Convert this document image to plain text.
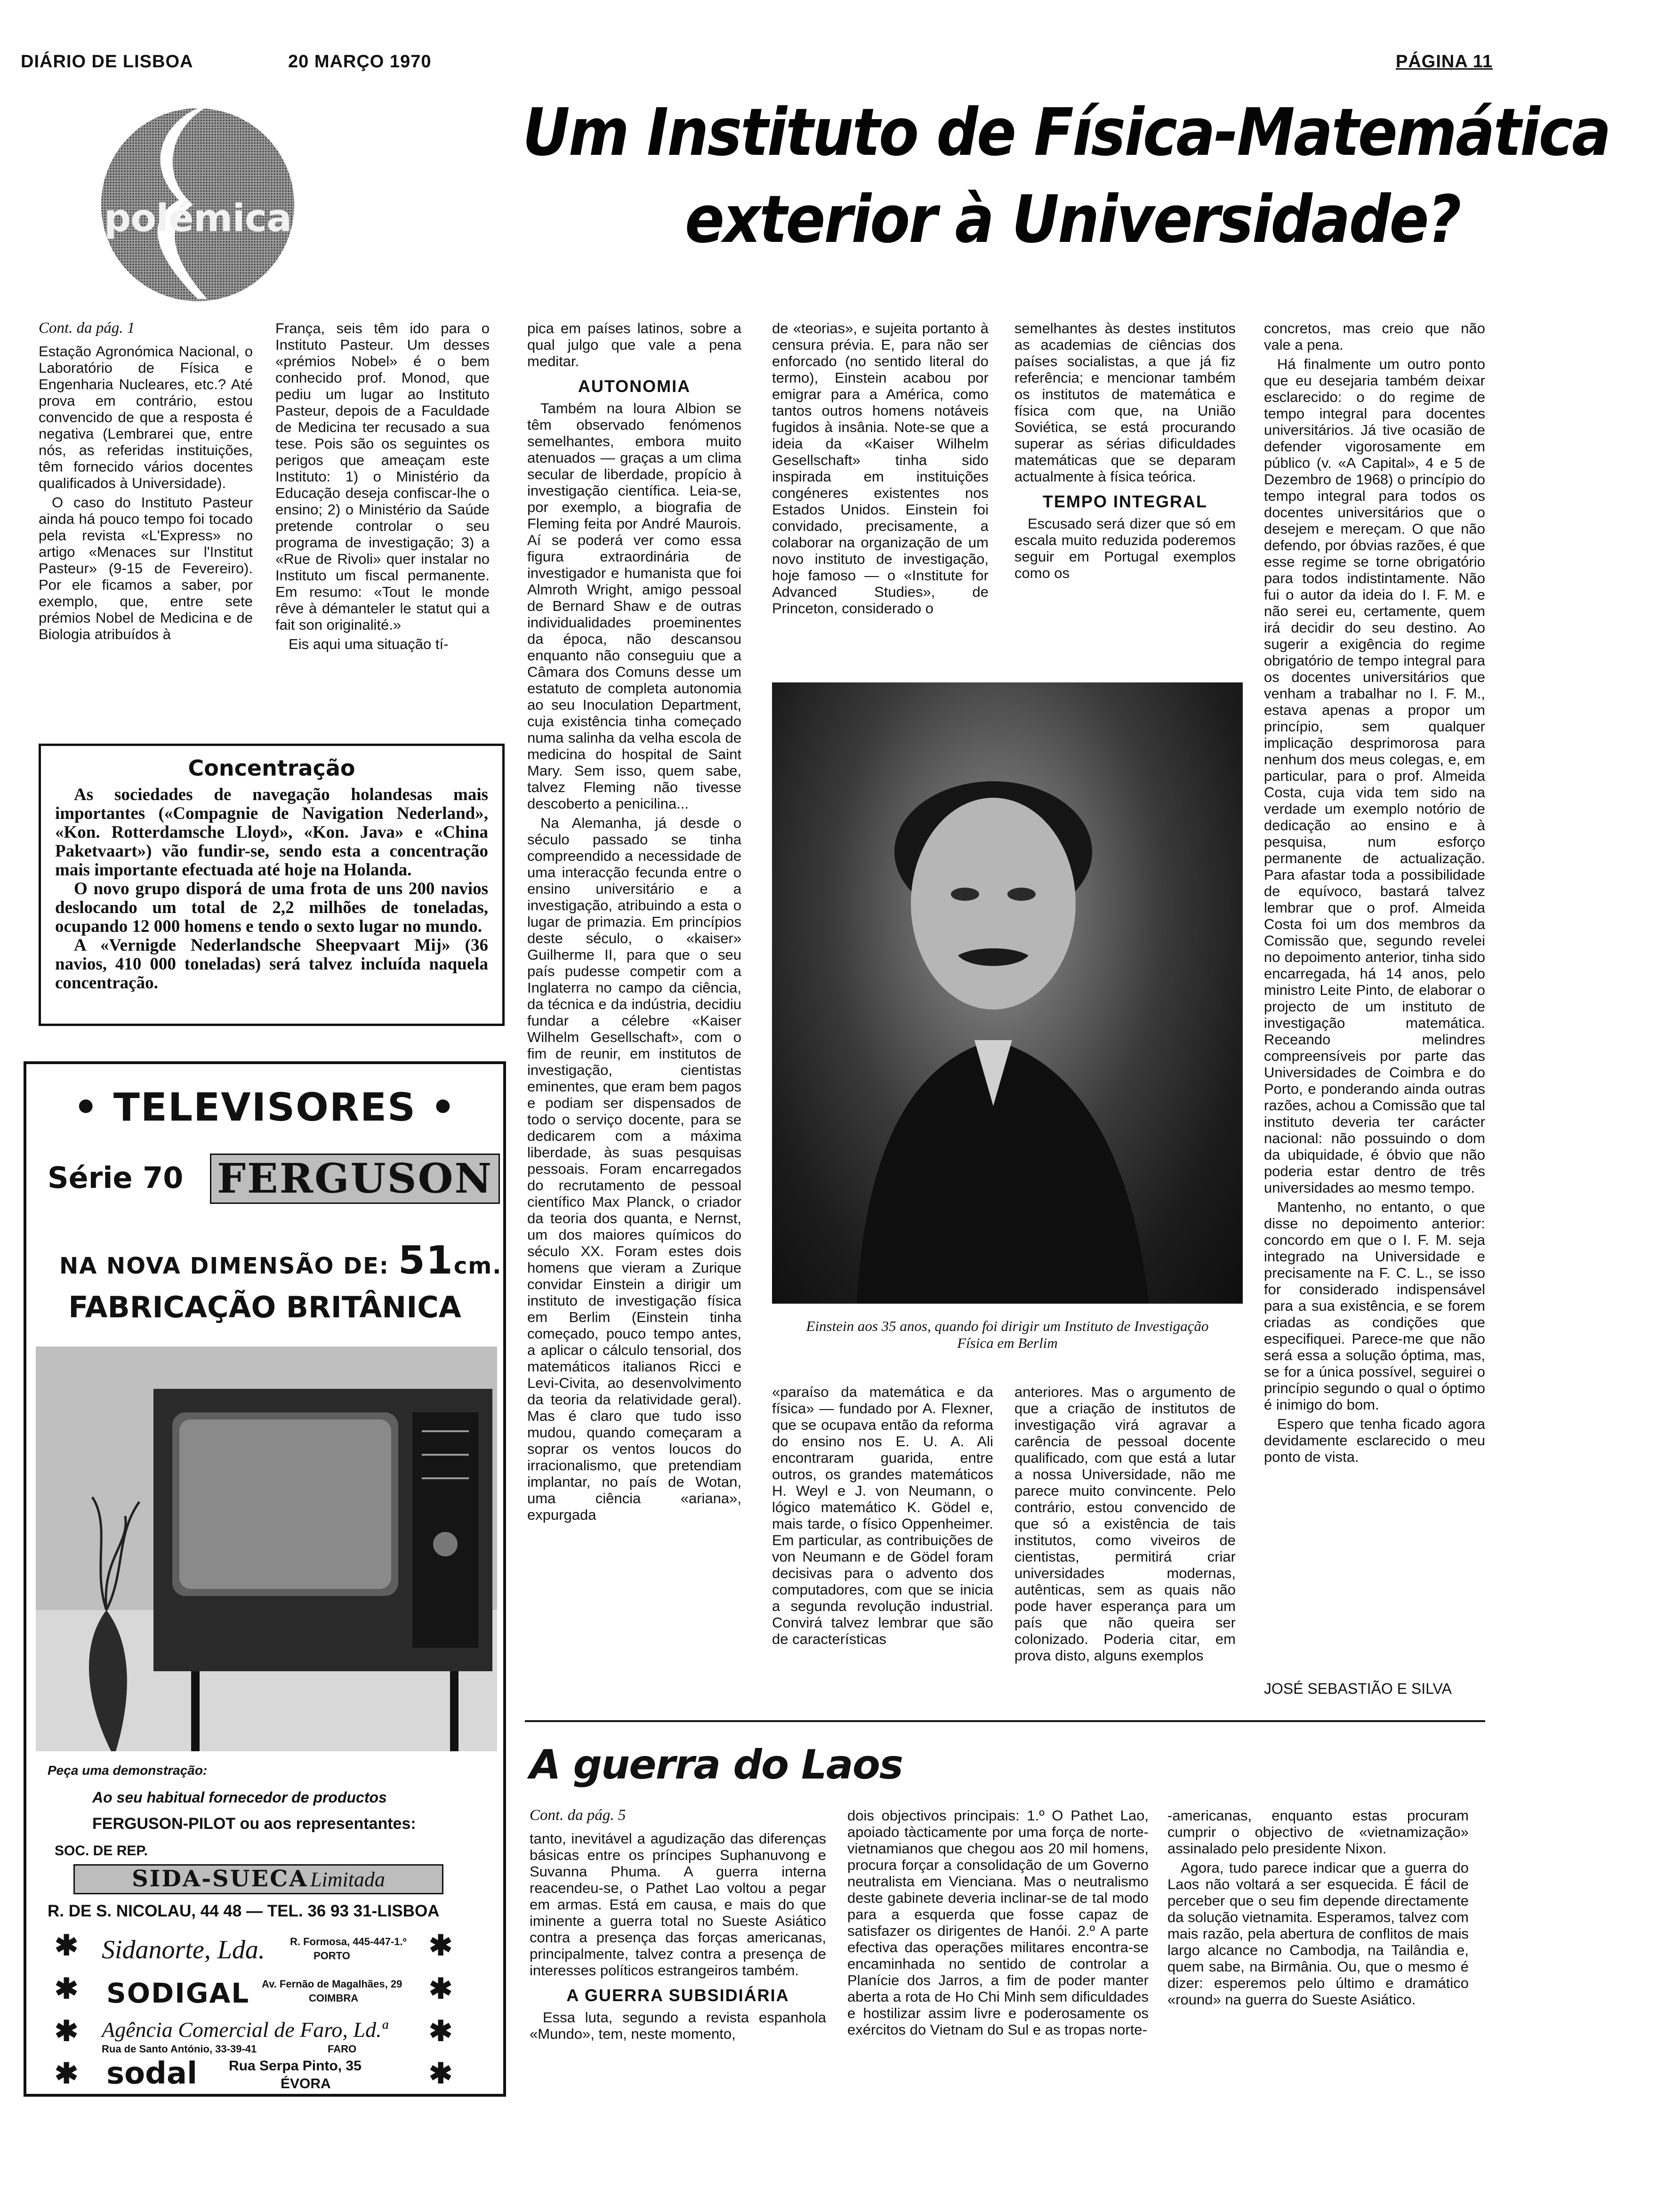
DIÁRIO DE LISBOA	20 MARÇO 1970	PÁGINA 11
polémica
Um Instituto de Física-Matemática
exterior à Universidade?
Cont. da pág. 1

Estação Agronómica Nacional, o Laboratório de Física e Engenharia Nucleares, etc.? Até prova em contrário, estou convencido de que a resposta é negativa (Lembrarei que, entre nós, as referidas instituições, têm fornecido vários docentes qualificados à Universidade).

O caso do Instituto Pasteur ainda há pouco tempo foi tocado pela revista «L'Express» no artigo «Menaces sur l'Institut Pasteur» (9-15 de Fevereiro). Por ele ficamos a saber, por exemplo, que, entre sete prémios Nobel de Medicina e de Biologia atribuídos à

França, seis têm ido para o Instituto Pasteur. Um desses «prémios Nobel» é o bem conhecido prof. Monod, que pediu um lugar ao Instituto Pasteur, depois de a Faculdade de Medicina ter recusado a sua tese. Pois são os seguintes os perigos que ameaçam este Instituto: 1) o Ministério da Educação deseja confiscar-lhe o ensino; 2) o Ministério da Saúde pretende controlar o seu programa de investigação; 3) a «Rue de Rivoli» quer instalar no Instituto um fiscal permanente. Em resumo: «Tout le monde rêve à démanteler le statut qui a fait son originalité.»

Eis aqui uma situação tí-

Concentração

As sociedades de navegação holandesas mais importantes («Compagnie de Navigation Nederland», «Kon. Rotterdamsche Lloyd», «Kon. Java» e «China Paketvaart») vão fundir-se, sendo esta a concentração mais importante efectuada até hoje na Holanda.

O novo grupo disporá de uma frota de uns 200 navios deslocando um total de 2,2 milhões de toneladas, ocupando 12 000 homens e tendo o sexto lugar no mundo.

A «Vernigde Nederlandsche Sheepvaart Mij» (36 navios, 410 000 toneladas) será talvez incluída naquela concentração.

• TELEVISORES •
Série 70 FERGUSON
NA NOVA DIMENSÃO DE: 51cm.
FABRICAÇÃO BRITÂNICA
Peça uma demonstração:
Ao seu habitual fornecedor de productos
FERGUSON-PILOT ou aos representantes:
SOC. DE REP.
SIDA-SUECA Limitada
R. DE S. NICOLAU, 44 48 — TEL. 36 93 31-LISBOA
✱	✱
Sidanorte, Lda. R. Formosa, 445-447-1.º
PORTO
✱	✱
SODIGAL Av. Fernão de Magalhães, 29
COIMBRA
✱	✱
Agência Comercial de Faro, Ld.ª
Rua de Santo António, 33-39-41	FARO
✱	✱
sodal Rua Serpa Pinto, 35
ÉVORA

pica em países latinos, sobre a qual julgo que vale a pena meditar.

AUTONOMIA

Também na loura Albion se têm observado fenómenos semelhantes, embora muito atenuados — graças a um clima secular de liberdade, propício à investigação científica. Leia-se, por exemplo, a biografia de Fleming feita por André Maurois. Aí se poderá ver como essa figura extraordinária de investigador e humanista que foi Almroth Wright, amigo pessoal de Bernard Shaw e de outras individualidades proeminentes da época, não descansou enquanto não conseguiu que a Câmara dos Comuns desse um estatuto de completa autonomia ao seu Inoculation Department, cuja existência tinha começado numa salinha da velha escola de medicina do hospital de Saint Mary. Sem isso, quem sabe, talvez Fleming não tivesse descoberto a penicilina...

Na Alemanha, já desde o século passado se tinha compreendido a necessidade de uma interacção fecunda entre o ensino universitário e a investigação, atribuindo a esta o lugar de primazia. Em princípios deste século, o «kaiser» Guilherme II, para que o seu país pudesse competir com a Inglaterra no campo da ciência, da técnica e da indústria, decidiu fundar a célebre «Kaiser Wilhelm Gesellschaft», com o fim de reunir, em institutos de investigação, cientistas eminentes, que eram bem pagos e podiam ser dispensados de todo o serviço docente, para se dedicarem com a máxima liberdade, às suas pesquisas pessoais. Foram encarregados do recrutamento de pessoal científico Max Planck, o criador da teoria dos quanta, e Nernst, um dos maiores químicos do século XX. Foram estes dois homens que vieram a Zurique convidar Einstein a dirigir um instituto de investigação física em Berlim (Einstein tinha começado, pouco tempo antes, a aplicar o cálculo tensorial, dos matemáticos italianos Ricci e Levi-Civita, ao desenvolvimento da teoria da relatividade geral). Mas é claro que tudo isso mudou, quando começaram a soprar os ventos loucos do irracionalismo, que pretendiam implantar, no país de Wotan, uma ciência «ariana», expurgada

de «teorias», e sujeita portanto à censura prévia. E, para não ser enforcado (no sentido literal do termo), Einstein acabou por emigrar para a América, como tantos outros homens notáveis fugidos à insânia. Note-se que a ideia da «Kaiser Wilhelm Gesellschaft» tinha sido inspirada em instituições congéneres existentes nos Estados Unidos. Einstein foi convidado, precisamente, a colaborar na organização de um novo instituto de investigação, hoje famoso — o «Institute for Advanced Studies», de Princeton, considerado o

semelhantes às destes institutos as academias de ciências dos países socialistas, a que já fiz referência; e mencionar também os institutos de matemática e física com que, na União Soviética, se está procurando superar as sérias dificuldades matemáticas que se deparam actualmente à física teórica.

TEMPO INTEGRAL

Escusado será dizer que só em escala muito reduzida poderemos seguir em Portugal exemplos como os

Einstein aos 35 anos, quando foi dirigir um Instituto de Investigação Física em Berlim

«paraíso da matemática e da física» — fundado por A. Flexner, que se ocupava então da reforma do ensino nos E. U. A. Ali encontraram guarida, entre outros, os grandes matemáticos H. Weyl e J. von Neumann, o lógico matemático K. Gödel e, mais tarde, o físico Oppenheimer. Em particular, as contribuições de von Neumann e de Gödel foram decisivas para o advento dos computadores, com que se inicia a segunda revolução industrial. Convirá talvez lembrar que são de características

anteriores. Mas o argumento de que a criação de institutos de investigação virá agravar a carência de pessoal docente qualificado, com que está a lutar a nossa Universidade, não me parece muito convincente. Pelo contrário, estou convencido de que só a existência de tais institutos, como viveiros de cientistas, permitirá criar universidades modernas, autênticas, sem as quais não pode haver esperança para um país que não queira ser colonizado. Poderia citar, em prova disto, alguns exemplos

concretos, mas creio que não vale a pena.

Há finalmente um outro ponto que eu desejaria também deixar esclarecido: o do regime de tempo integral para docentes universitários. Já tive ocasião de defender vigorosamente em público (v. «A Capital», 4 e 5 de Dezembro de 1968) o princípio do tempo integral para todos os docentes universitários que o desejem e mereçam. O que não defendo, por óbvias razões, é que esse regime se torne obrigatório para todos indistintamente. Não fui o autor da ideia do I. F. M. e não serei eu, certamente, quem irá decidir do seu destino. Ao sugerir a exigência do regime obrigatório de tempo integral para os docentes universitários que venham a trabalhar no I. F. M., estava apenas a propor um princípio, sem qualquer implicação desprimorosa para nenhum dos meus colegas, e, em particular, para o prof. Almeida Costa, cuja vida tem sido na verdade um exemplo notório de dedicação ao ensino e à pesquisa, num esforço permanente de actualização. Para afastar toda a possibilidade de equívoco, bastará talvez lembrar que o prof. Almeida Costa foi um dos membros da Comissão que, segundo revelei no depoimento anterior, tinha sido encarregada, há 14 anos, pelo ministro Leite Pinto, de elaborar o projecto de um instituto de investigação matemática. Receando melindres compreensíveis por parte das Universidades de Coimbra e do Porto, e ponderando ainda outras razões, achou a Comissão que tal instituto deveria ter carácter nacional: não possuindo o dom da ubiquidade, é óbvio que não poderia estar dentro de três universidades ao mesmo tempo.

Mantenho, no entanto, o que disse no depoimento anterior: concordo em que o I. F. M. seja integrado na Universidade e precisamente na F. C. L., se isso for considerado indispensável para a sua existência, e se forem criadas as condições que especifiquei. Parece-me que não será essa a solução óptima, mas, se for a única possível, seguirei o princípio segundo o qual o óptimo é inimigo do bom.

Espero que tenha ficado agora devidamente esclarecido o meu ponto de vista.

JOSÉ SEBASTIÃO E SILVA
A guerra do Laos
Cont. da pág. 5

tanto, inevitável a agudização das diferenças básicas entre os príncipes Suphanuvong e Suvanna Phuma. A guerra interna reacendeu-se, o Pathet Lao voltou a pegar em armas. Está em causa, e mais do que iminente a guerra total no Sueste Asiático contra a presença das forças americanas, principalmente, talvez contra a presença de interesses políticos estrangeiros também.

A GUERRA SUBSIDIÁRIA

Essa luta, segundo a revista espanhola «Mundo», tem, neste momento,

dois objectivos principais: 1.º O Pathet Lao, apoiado tàcticamente por uma força de norte-vietnamianos que chegou aos 20 mil homens, procura forçar a consolidação de um Governo neutralista em Vienciana. Mas o neutralismo deste gabinete deveria inclinar-se de tal modo para a esquerda que fosse capaz de satisfazer os dirigentes de Hanói. 2.º A parte efectiva das operações militares encontra-se encaminhada no sentido de controlar a Planície dos Jarros, a fim de poder manter aberta a rota de Ho Chi Minh sem dificuldades e hostilizar assim livre e poderosamente os exércitos do Vietnam do Sul e as tropas norte-

-americanas, enquanto estas procuram cumprir o objectivo de «vietnamização» assinalado pelo presidente Nixon.

Agora, tudo parece indicar que a guerra do Laos não voltará a ser esquecida. É fácil de perceber que o seu fim depende directamente da solução vietnamita. Esperamos, talvez com mais razão, pela abertura de conflitos de mais largo alcance no Cambodja, na Tailândia e, quem sabe, na Birmânia. Ou, que o mesmo é dizer: esperemos pelo último e dramático «round» na guerra do Sueste Asiático.
